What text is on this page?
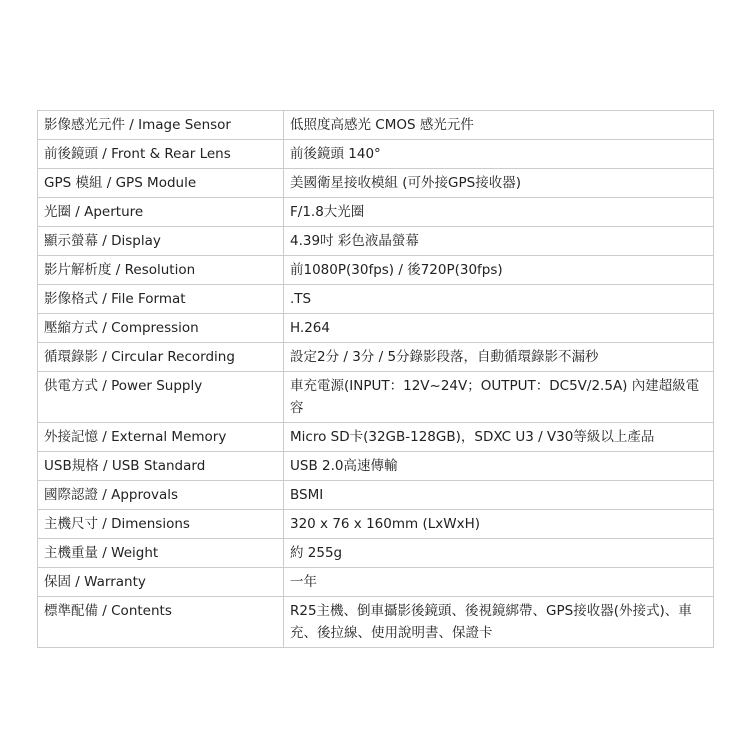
影像感光元件 / Image Sensor	低照度高感光 CMOS 感光元件
前後鏡頭 / Front & Rear Lens	前後鏡頭 140°
GPS 模組 / GPS Module	美國衛星接收模組 (可外接GPS接收器)
光圈 / Aperture	F/1.8大光圈
顯示螢幕 / Display	4.39吋 彩色液晶螢幕
影片解析度 / Resolution	前1080P(30fps) / 後720P(30fps)
影像格式 / File Format	.TS
壓縮方式 / Compression	H.264
循環錄影 / Circular Recording	設定2分 / 3分 / 5分錄影段落，自動循環錄影不漏秒
供電方式 / Power Supply	車充電源(INPUT：12V~24V；OUTPUT：DC5V/2.5A) 內建超級電容
外接記憶 / External Memory	Micro SD卡(32GB-128GB)，SDXC U3 / V30等級以上產品
USB規格 / USB Standard	USB 2.0高速傳輸
國際認證 / Approvals	BSMI
主機尺寸 / Dimensions	320 x 76 x 160mm (LxWxH)
主機重量 / Weight	約 255g
保固 / Warranty	一年
標準配備 / Contents	R25主機、倒車攝影後鏡頭、後視鏡綁帶、GPS接收器(外接式)、車充、後拉線、使用說明書、保證卡
